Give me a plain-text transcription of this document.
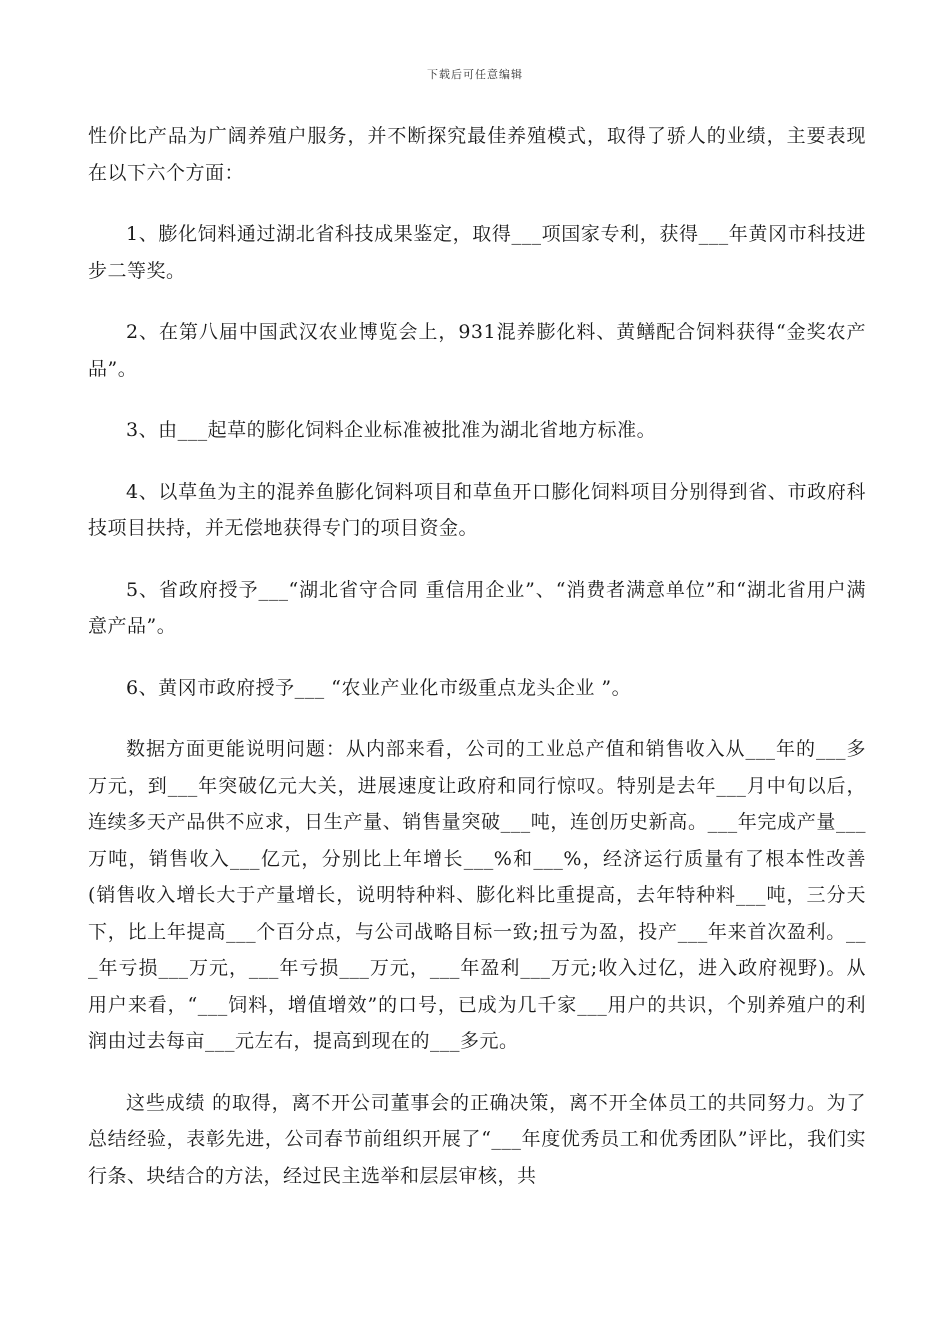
下载后可任意编辑

性价比产品为广阔养殖户服务，并不断探究最佳养殖模式，取得了骄人的业绩，主要表现在以下六个方面：

1、膨化饲料通过湖北省科技成果鉴定，取得___项国家专利，获得___年黄冈市科技进步二等奖。

2、在第八届中国武汉农业博览会上，931混养膨化料、黄鳝配合饲料获得“金奖农产品”。

3、由___起草的膨化饲料企业标准被批准为湖北省地方标准。

4、以草鱼为主的混养鱼膨化饲料项目和草鱼开口膨化饲料项目分别得到省、市政府科技项目扶持，并无偿地获得专门的项目资金。

5、省政府授予___“湖北省守合同 重信用企业”、“消费者满意单位”和“湖北省用户满意产品”。

6、黄冈市政府授予___ “农业产业化市级重点龙头企业 ”。

数据方面更能说明问题：从内部来看，公司的工业总产值和销售收入从___年的___多万元，到___年突破亿元大关，进展速度让政府和同行惊叹。特别是去年___月中旬以后，连续多天产品供不应求，日生产量、销售量突破___吨，连创历史新高。___年完成产量___万吨，销售收入___亿元，分别比上年增长___%和___%，经济运行质量有了根本性改善(销售收入增长大于产量增长，说明特种料、膨化料比重提高，去年特种料___吨，三分天下，比上年提高___个百分点，与公司战略目标一致;扭亏为盈，投产___年来首次盈利。___年亏损___万元，___年亏损___万元，___年盈利___万元;收入过亿，进入政府视野)。从用户来看，“___饲料，增值增效”的口号，已成为几千家___用户的共识，个别养殖户的利润由过去每亩___元左右，提高到现在的___多元。

这些成绩 的取得，离不开公司董事会的正确决策，离不开全体员工的共同努力。为了总结经验，表彰先进，公司春节前组织开展了“___年度优秀员工和优秀团队”评比，我们实行条、块结合的方法，经过民主选举和层层审核，共
